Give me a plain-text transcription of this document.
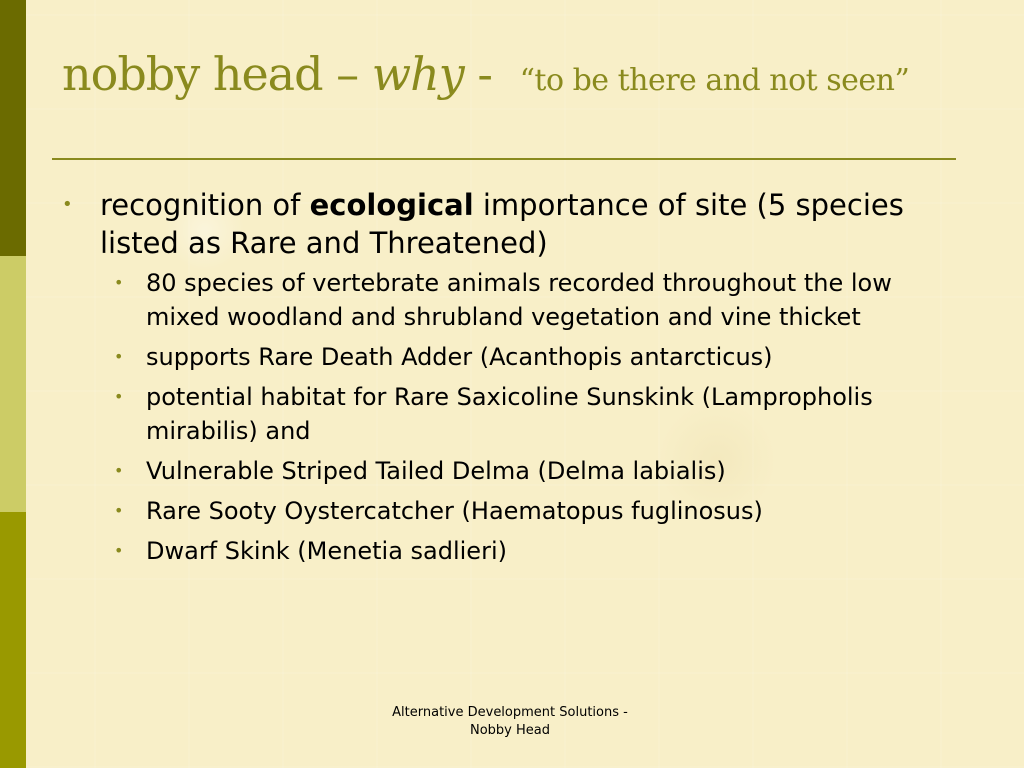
nobby head – why - “to be there and not seen”
• recognition of ecological importance of site (5 species listed as Rare and Threatened)
• 80 species of vertebrate animals recorded throughout the low mixed woodland and shrubland vegetation and vine thicket
• supports Rare Death Adder (Acanthopis antarcticus)
• potential habitat for Rare Saxicoline Sunskink (Lampropholis mirabilis) and
• Vulnerable Striped Tailed Delma (Delma labialis)
• Rare Sooty Oystercatcher (Haematopus fuglinosus)
• Dwarf Skink (Menetia sadlieri)
Alternative Development Solutions -
Nobby Head
